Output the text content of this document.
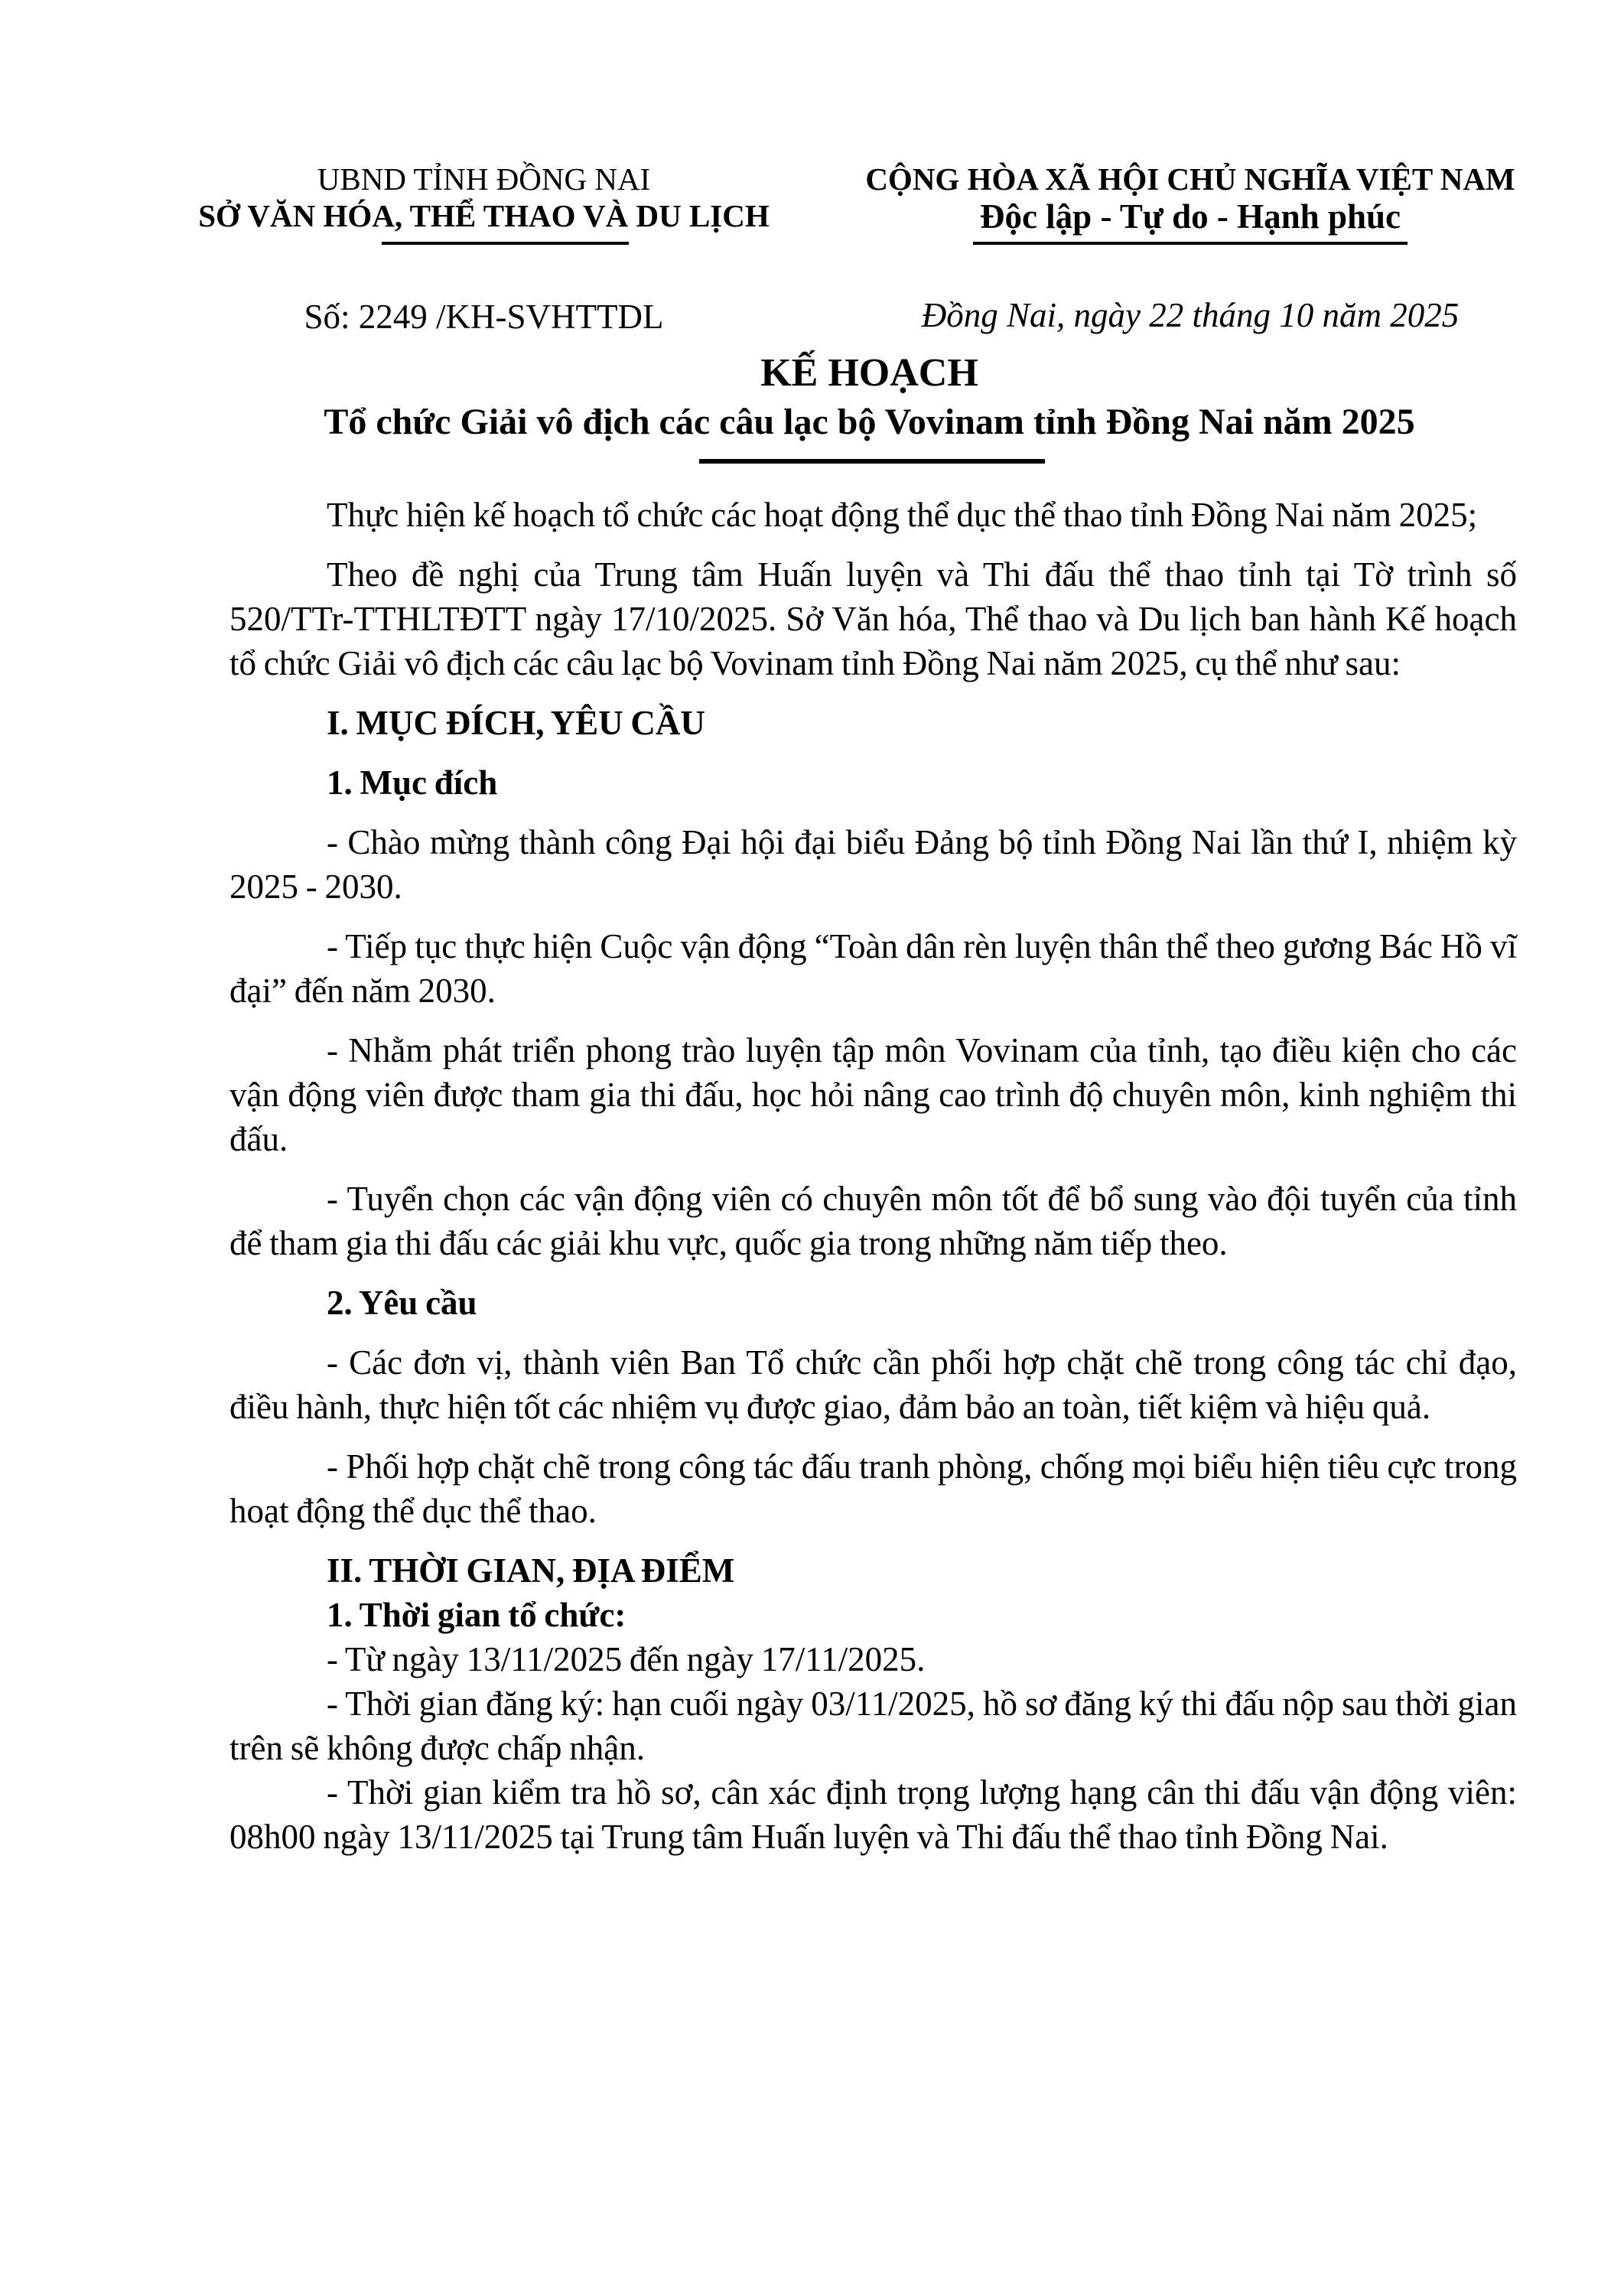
UBND TỈNH ĐỒNG NAI
SỞ VĂN HÓA, THỂ THAO VÀ DU LỊCH
Số: 2249 /KH-SVHTTDL
CỘNG HÒA XÃ HỘI CHỦ NGHĨA VIỆT NAM
Độc lập - Tự do - Hạnh phúc
Đồng Nai, ngày 22 tháng 10 năm 2025
KẾ HOẠCH
Tổ chức Giải vô địch các câu lạc bộ Vovinam tỉnh Đồng Nai năm 2025

Thực hiện kế hoạch tổ chức các hoạt động thể dục thể thao tỉnh Đồng Nai năm 2025;

Theo đề nghị của Trung tâm Huấn luyện và Thi đấu thể thao tỉnh tại Tờ trình số 520/TTr-TTHLTĐTT ngày 17/10/2025. Sở Văn hóa, Thể thao và Du lịch ban hành Kế hoạch tổ chức Giải vô địch các câu lạc bộ Vovinam tỉnh Đồng Nai năm 2025, cụ thể như sau:

I. MỤC ĐÍCH, YÊU CẦU

1. Mục đích

- Chào mừng thành công Đại hội đại biểu Đảng bộ tỉnh Đồng Nai lần thứ I, nhiệm kỳ 2025 - 2030.

- Tiếp tục thực hiện Cuộc vận động “Toàn dân rèn luyện thân thể theo gương Bác Hồ vĩ đại” đến năm 2030.

- Nhằm phát triển phong trào luyện tập môn Vovinam của tỉnh, tạo điều kiện cho các vận động viên được tham gia thi đấu, học hỏi nâng cao trình độ chuyên môn, kinh nghiệm thi đấu.

- Tuyển chọn các vận động viên có chuyên môn tốt để bổ sung vào đội tuyển của tỉnh để tham gia thi đấu các giải khu vực, quốc gia trong những năm tiếp theo.

2. Yêu cầu

- Các đơn vị, thành viên Ban Tổ chức cần phối hợp chặt chẽ trong công tác chỉ đạo, điều hành, thực hiện tốt các nhiệm vụ được giao, đảm bảo an toàn, tiết kiệm và hiệu quả.

- Phối hợp chặt chẽ trong công tác đấu tranh phòng, chống mọi biểu hiện tiêu cực trong hoạt động thể dục thể thao.

II. THỜI GIAN, ĐỊA ĐIỂM

1. Thời gian tổ chức:

- Từ ngày 13/11/2025 đến ngày 17/11/2025.

- Thời gian đăng ký: hạn cuối ngày 03/11/2025, hồ sơ đăng ký thi đấu nộp sau thời gian trên sẽ không được chấp nhận.

- Thời gian kiểm tra hồ sơ, cân xác định trọng lượng hạng cân thi đấu vận động viên: 08h00 ngày 13/11/2025 tại Trung tâm Huấn luyện và Thi đấu thể thao tỉnh Đồng Nai.
